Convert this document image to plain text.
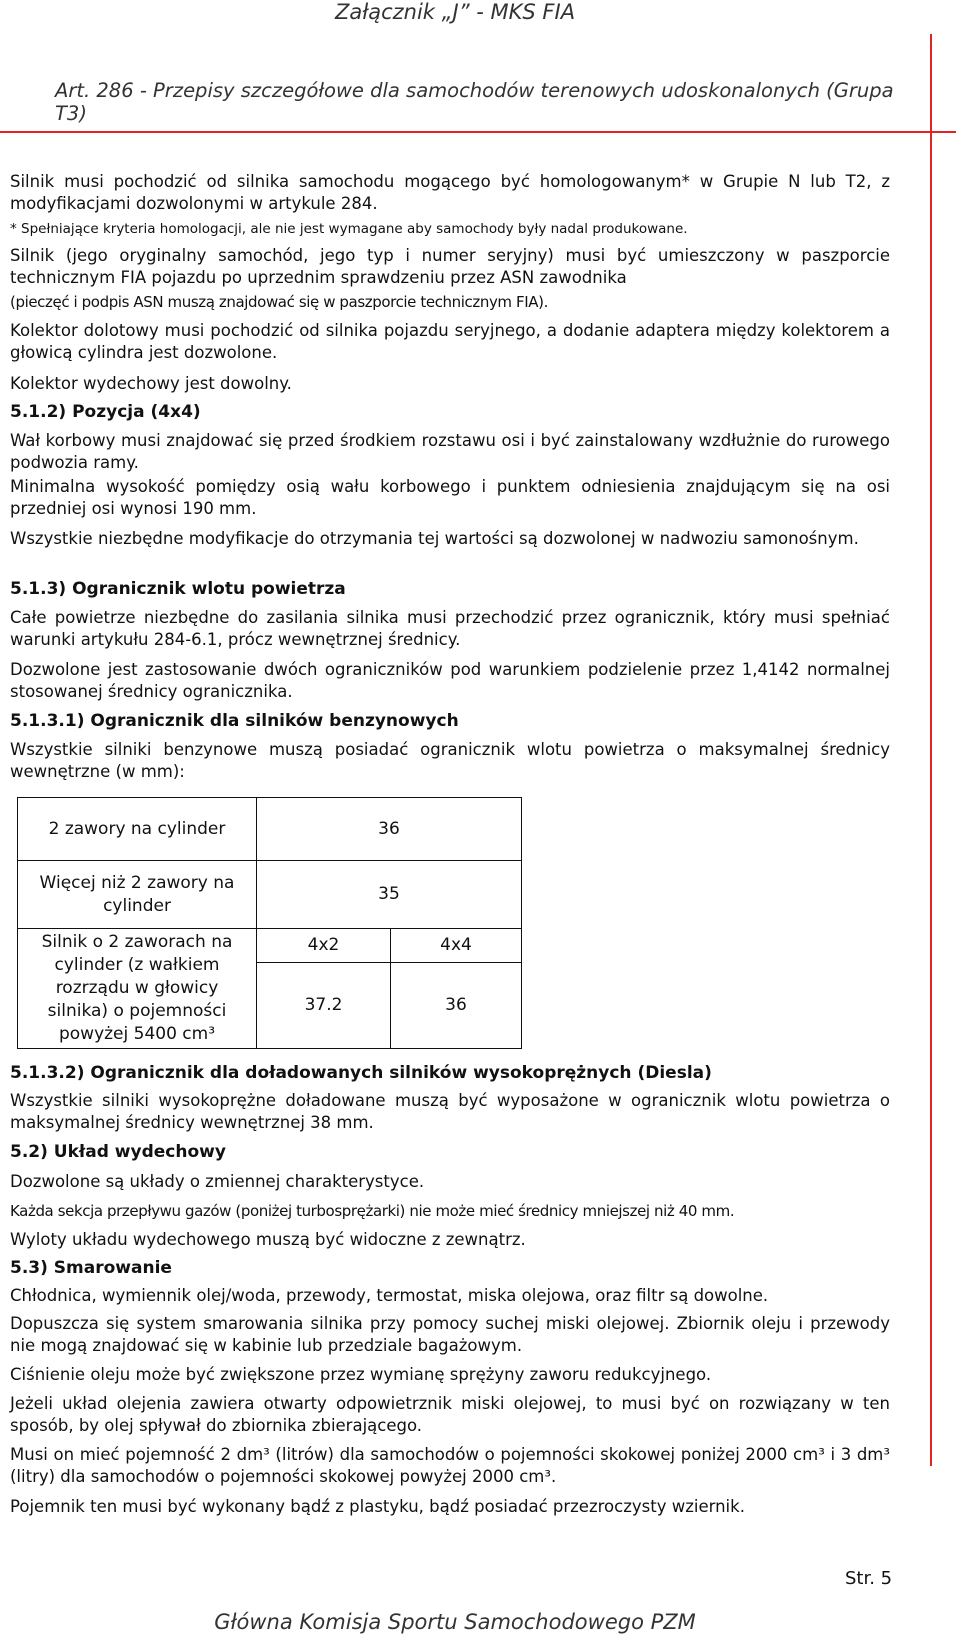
Załącznik „J” - MKS FIA
Art. 286 - Przepisy szczegółowe dla samochodów terenowych udoskonalonych (Grupa T3)
Silnik musi pochodzić od silnika samochodu mogącego być homologowanym* w Grupie N lub T2, z modyfikacjami dozwolonymi w artykule 284.
* Spełniające kryteria homologacji, ale nie jest wymagane aby samochody były nadal produkowane.
Silnik (jego oryginalny samochód, jego typ i numer seryjny) musi być umieszczony w paszporcie technicznym FIA pojazdu po uprzednim sprawdzeniu przez ASN zawodnika
(pieczęć i podpis ASN muszą znajdować się w paszporcie technicznym FIA).
Kolektor dolotowy musi pochodzić od silnika pojazdu seryjnego, a dodanie adaptera między kolektorem a głowicą cylindra jest dozwolone.
Kolektor wydechowy jest dowolny.
5.1.2) Pozycja (4x4)
Wał korbowy musi znajdować się przed środkiem rozstawu osi i być zainstalowany wzdłużnie do rurowego podwozia ramy.
Minimalna wysokość pomiędzy osią wału korbowego i punktem odniesienia znajdującym się na osi przedniej osi wynosi 190 mm.
Wszystkie niezbędne modyfikacje do otrzymania tej wartości są dozwolonej w nadwoziu samonośnym.
5.1.3) Ogranicznik wlotu powietrza
Całe powietrze niezbędne do zasilania silnika musi przechodzić przez ogranicznik, który musi spełniać warunki artykułu 284-6.1, prócz wewnętrznej średnicy.
Dozwolone jest zastosowanie dwóch ograniczników pod warunkiem podzielenie przez 1,4142 normalnej stosowanej średnicy ogranicznika.
5.1.3.1) Ogranicznik dla silników benzynowych
Wszystkie silniki benzynowe muszą posiadać ogranicznik wlotu powietrza o maksymalnej średnicy wewnętrzne (w mm):
2 zawory na cylinder	36	
Więcej niż 2 zawory na cylinder	35	
Silnik o 2 zaworach na cylinder (z wałkiem rozrządu w głowicy silnika) o pojemności powyżej 5400 cm³	4x2	4x4
	37.2	36
5.1.3.2) Ogranicznik dla doładowanych silników wysokoprężnych (Diesla)
Wszystkie silniki wysokoprężne doładowane muszą być wyposażone w ogranicznik wlotu powietrza o maksymalnej średnicy wewnętrznej 38 mm.
5.2) Układ wydechowy
Dozwolone są układy o zmiennej charakterystyce.
Każda sekcja przepływu gazów (poniżej turbosprężarki) nie może mieć średnicy mniejszej niż 40 mm.
Wyloty układu wydechowego muszą być widoczne z zewnątrz.
5.3) Smarowanie
Chłodnica, wymiennik olej/woda, przewody, termostat, miska olejowa, oraz filtr są dowolne.
Dopuszcza się system smarowania silnika przy pomocy suchej miski olejowej. Zbiornik oleju i przewody nie mogą znajdować się w kabinie lub przedziale bagażowym.
Ciśnienie oleju może być zwiększone przez wymianę sprężyny zaworu redukcyjnego.
Jeżeli układ olejenia zawiera otwarty odpowietrznik miski olejowej, to musi być on rozwiązany w ten sposób, by olej spływał do zbiornika zbierającego.
Musi on mieć pojemność 2 dm³ (litrów) dla samochodów o pojemności skokowej poniżej 2000 cm³ i 3 dm³ (litry) dla samochodów o pojemności skokowej powyżej 2000 cm³.
Pojemnik ten musi być wykonany bądź z plastyku, bądź posiadać przezroczysty wziernik.
Str. 5
Główna Komisja Sportu Samochodowego PZM
